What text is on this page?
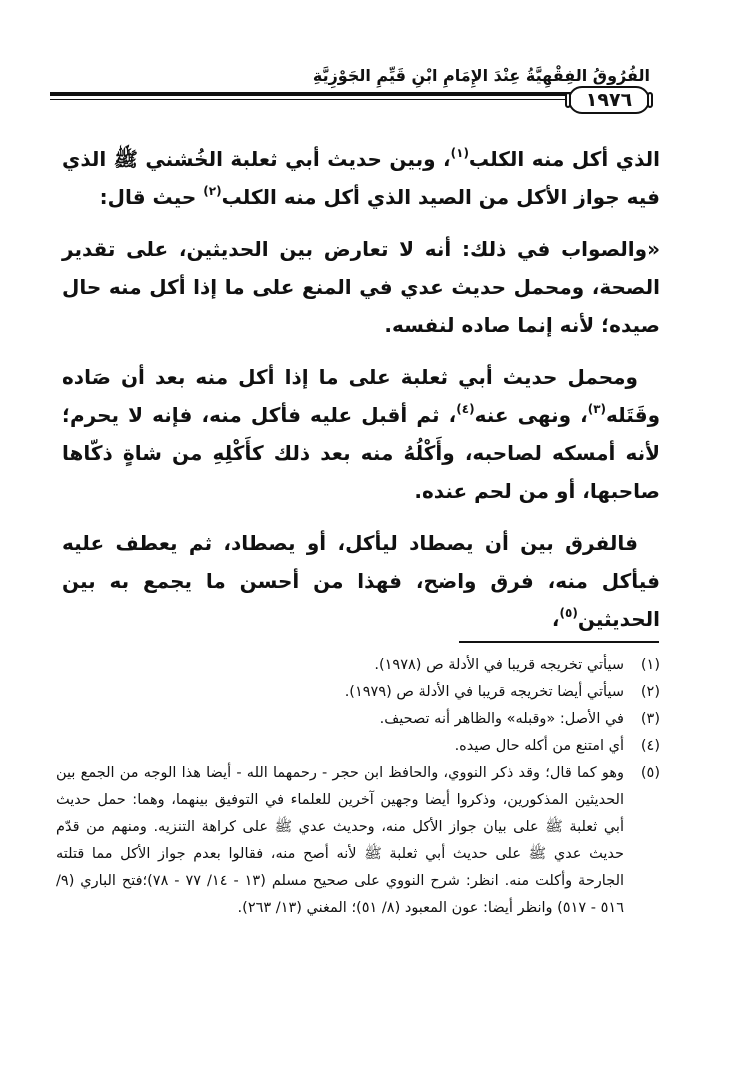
الفُرُوقُ الفِقْهِيَّةُ عِنْدَ الإِمَامِ ابْنِ قَيِّمِ الجَوْزِيَّةِ
١٩٧٦

الذي أكل منه الكلب$^{(١)}$، وبين حديث أبي ثعلبة الخُشني ﷺ الذي فيه جواز الأكل من الصيد الذي أكل منه الكلب$^{(٢)}$ حيث قال:

«والصواب في ذلك: أنه لا تعارض بين الحديثين، على تقدير الصحة، ومحمل حديث عدي في المنع على ما إذا أكل منه حال صيده؛ لأنه إنما صاده لنفسه.

ومحمل حديث أبي ثعلبة على ما إذا أكل منه بعد أن صَاده وقَتَله$^{(٣)}$، ونهى عنه$^{(٤)}$، ثم أقبل عليه فأكل منه، فإنه لا يحرم؛ لأنه أمسكه لصاحبه، وأَكْلُهُ منه بعد ذلك كأَكْلِهِ من شاةٍ ذكّاها صاحبها، أو من لحم عنده.

فالفرق بين أن يصطاد ليأكل، أو يصطاد، ثم يعطف عليه فيأكل منه، فرق واضح، فهذا من أحسن ما يجمع به بين الحديثين$^{(٥)}$،

(١)
سيأتي تخريجه قريبا في الأدلة ص (١٩٧٨).
(٢)
سيأتي أيضا تخريجه قريبا في الأدلة ص (١٩٧٩).
(٣)
في الأصل: «وقبله» والظاهر أنه تصحيف.
(٤)
أي امتنع من أكله حال صيده.
(٥)
وهو كما قال؛ وقد ذكر النووي، والحافظ ابن حجر - رحمهما الله - أيضا هذا الوجه من الجمع بين الحديثين المذكورين، وذكروا أيضا وجهين آخرين للعلماء في التوفيق بينهما، وهما: حمل حديث أبي ثعلبة ﷺ على بيان جواز الأكل منه، وحديث عدي ﷺ على كراهة التنزيه. ومنهم من قدّم حديث عدي ﷺ على حديث أبي ثعلبة ﷺ لأنه أصح منه، فقالوا بعدم جواز الأكل مما قتلته الجارحة وأكلت منه. انظر: شرح النووي على صحيح مسلم (١٣ - ١٤/ ٧٧ - ٧٨)؛فتح الباري (٩/ ٥١٦ - ٥١٧) وانظر أيضا: عون المعبود (٨/ ٥١)؛ المغني (١٣/ ٢٦٣).
